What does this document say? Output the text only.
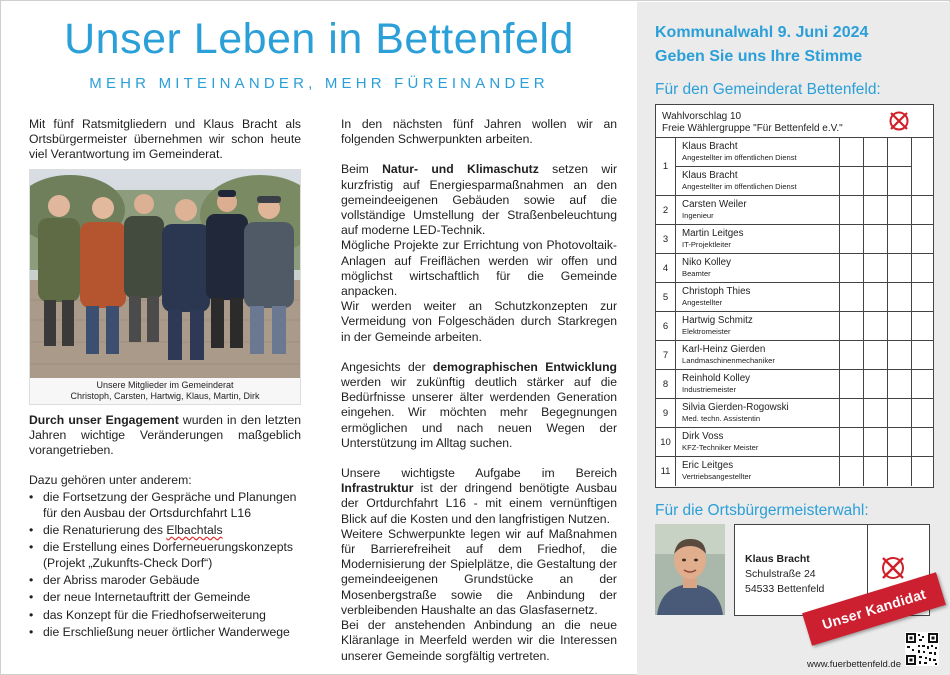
Unser Leben in Bettenfeld
MEHR MITEINANDER, MEHR FÜREINANDER

Mit fünf Ratsmitgliedern und Klaus Bracht als Ortsbürgermeister übernehmen wir schon heute viel Verantwortung im Gemeinderat.

Unsere Mitglieder im Gemeinderat
Christoph, Carsten, Hartwig, Klaus, Martin, Dirk

Durch unser Engagement wurden in den letzten Jahren wichtige Veränderungen maßgeblich vorangetrieben.

Dazu gehören unter anderem:

• die Fortsetzung der Gespräche und Planungen für den Ausbau der Ortsdurchfahrt L16
• die Renaturierung des Elbachtals
• die Erstellung eines Dorferneuerungskonzepts (Projekt „Zukunfts-Check Dorf“)
• der Abriss maroder Gebäude
• der neue Internetauftritt der Gemeinde
• das Konzept für die Friedhofserweiterung
• die Erschließung neuer örtlicher Wanderwege

In den nächsten fünf Jahren wollen wir an folgenden Schwerpunkten arbeiten.

Beim Natur- und Klimaschutz setzen wir kurzfristig auf Energiesparmaßnahmen an den gemeindeeigenen Gebäuden sowie auf die vollständige Umstellung der Straßenbeleuchtung auf moderne LED-Technik.

Mögliche Projekte zur Errichtung von Photovoltaik-Anlagen auf Freiflächen werden wir offen und möglichst wirtschaftlich für die Gemeinde anpacken.

Wir werden weiter an Schutzkonzepten zur Vermeidung von Folgeschäden durch Starkregen in der Gemeinde arbeiten.

Angesichts der demographischen Entwicklung werden wir zukünftig deutlich stärker auf die Bedürfnisse unserer älter werdenden Generation eingehen. Wir möchten mehr Begegnungen ermöglichen und nach neuen Wegen der Unterstützung im Alltag suchen.

Unsere wichtigste Aufgabe im Bereich Infrastruktur ist der dringend benötigte Ausbau der Ortdurchfahrt L16 - mit einem vernünftigen Blick auf die Kosten und den langfristigen Nutzen.

Weitere Schwerpunkte legen wir auf Maßnahmen für Barrierefreiheit auf dem Friedhof, die Modernisierung der Spielplätze, die Gestaltung der gemeindeeigenen Grundstücke an der Mosenbergstraße sowie die Anbindung der verbleibenden Haushalte an das Glasfasernetz.

Bei der anstehenden Anbindung an die neue Kläranlage in Meerfeld werden wir die Interessen unserer Gemeinde sorgfältig vertreten.

Kommunalwahl 9. Juni 2024
Geben Sie uns Ihre Stimme
Für den Gemeinderat Bettenfeld:
Wahlvorschlag 10
Freie Wählergruppe "Für Bettenfeld e.V."
1
Klaus Bracht
Angestellter im öffentlichen Dienst
Klaus Bracht
Angestellter im öffentlichen Dienst
2	Carsten Weiler
Ingenieur
3	Martin Leitges
IT-Projektleiter
4	Niko Kolley
Beamter
5	Christoph Thies
Angestellter
6	Hartwig Schmitz
Elektromeister
7	Karl-Heinz Gierden
Landmaschinenmechaniker
8	Reinhold Kolley
Industriemeister
9	Silvia Gierden-Rogowski
Med. techn. Assistentin
10	Dirk Voss
KFZ-Techniker Meister
11
Eric Leitges
Vertriebsangestellter
Für die Ortsbürgermeisterwahl:
Klaus Bracht
Schulstraße 24
54533 Bettenfeld
Unser Kandidat
www.fuerbettenfeld.de
